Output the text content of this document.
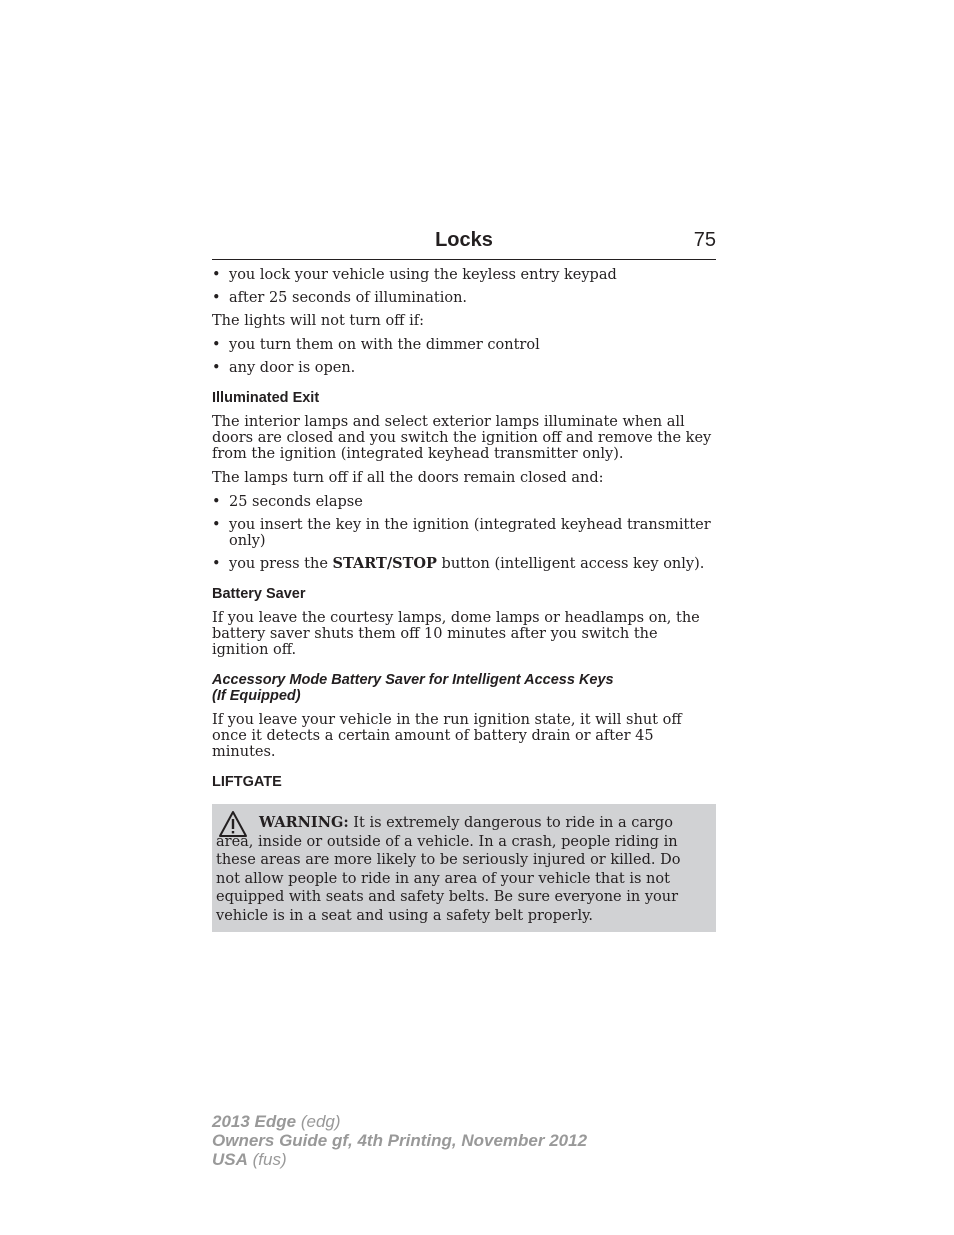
Locks	75
• you lock your vehicle using the keyless entry keypad
• after 25 seconds of illumination.

The lights will not turn off if:

• you turn them on with the dimmer control
• any door is open.
Illuminated Exit

The interior lamps and select exterior lamps illuminate when all doors are closed and you switch the ignition off and remove the key from the ignition (integrated keyhead transmitter only).

The lamps turn off if all the doors remain closed and:

• 25 seconds elapse
• you insert the key in the ignition (integrated keyhead transmitter only)
• you press the START/STOP button (intelligent access key only).
Battery Saver

If you leave the courtesy lamps, dome lamps or headlamps on, the battery saver shuts them off 10 minutes after you switch the ignition off.

Accessory Mode Battery Saver for Intelligent Access Keys
(If Equipped)

If you leave your vehicle in the run ignition state, it will shut off once it detects a certain amount of battery drain or after 45 minutes.

LIFTGATE
WARNING: It is extremely dangerous to ride in a cargo area, inside or outside of a vehicle. In a crash, people riding in these areas are more likely to be seriously injured or killed. Do not allow people to ride in any area of your vehicle that is not equipped with seats and safety belts. Be sure everyone in your vehicle is in a seat and using a safety belt properly.
2013 Edge (edg)
Owners Guide gf, 4th Printing, November 2012
USA (fus)
